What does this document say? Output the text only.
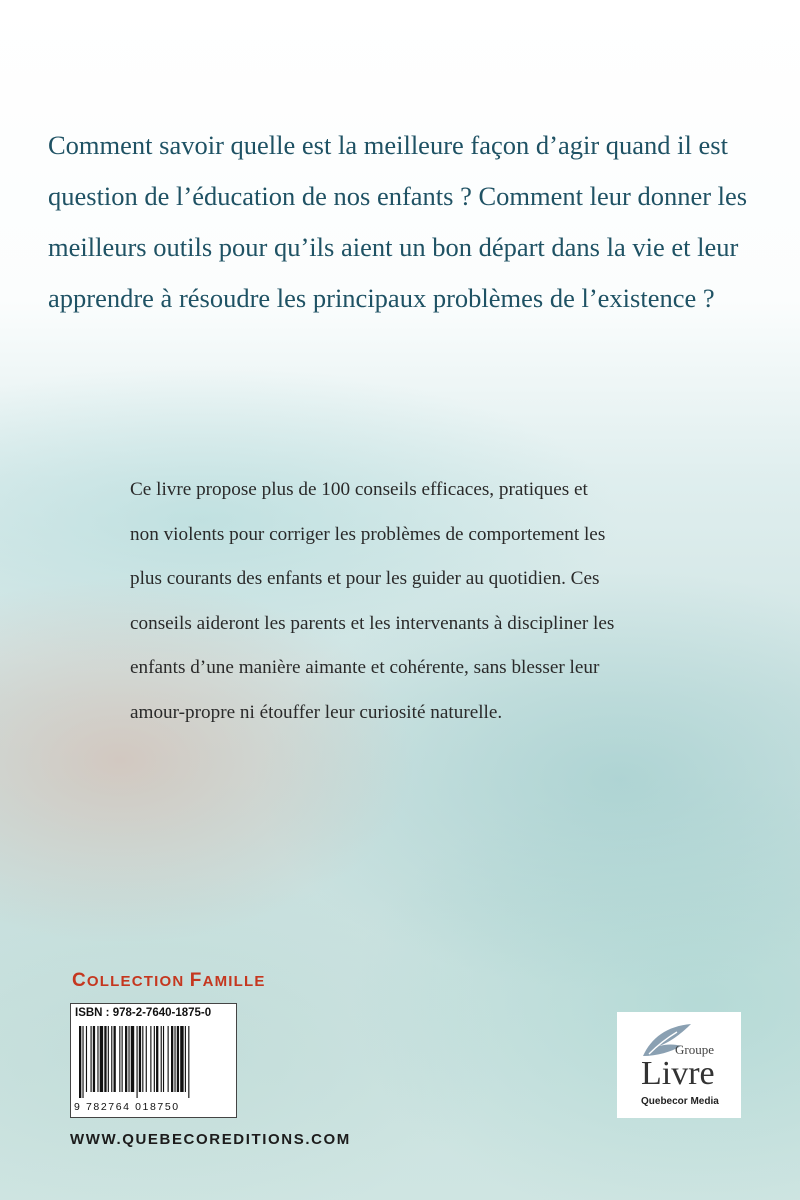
Comment savoir quelle est la meilleure façon d’agir quand il est

question de l’éducation de nos enfants ? Comment leur donner les

meilleurs outils pour qu’ils aient un bon départ dans la vie et leur

apprendre à résoudre les principaux problèmes de l’existence ?

Ce livre propose plus de 100 conseils efficaces, pratiques et
non violents pour corriger les problèmes de comportement les
plus courants des enfants et pour les guider au quotidien. Ces
conseils aideront les parents et les intervenants à discipliner les
enfants d’une manière aimante et cohérente, sans blesser leur
amour-propre ni étouffer leur curiosité naturelle.
COLLECTION FAMILLE
ISBN : 978-2-7640-1875-0
9 782764 018750
Groupe
Livre
Quebecor Media
WWW.QUEBECOREDITIONS.COM
